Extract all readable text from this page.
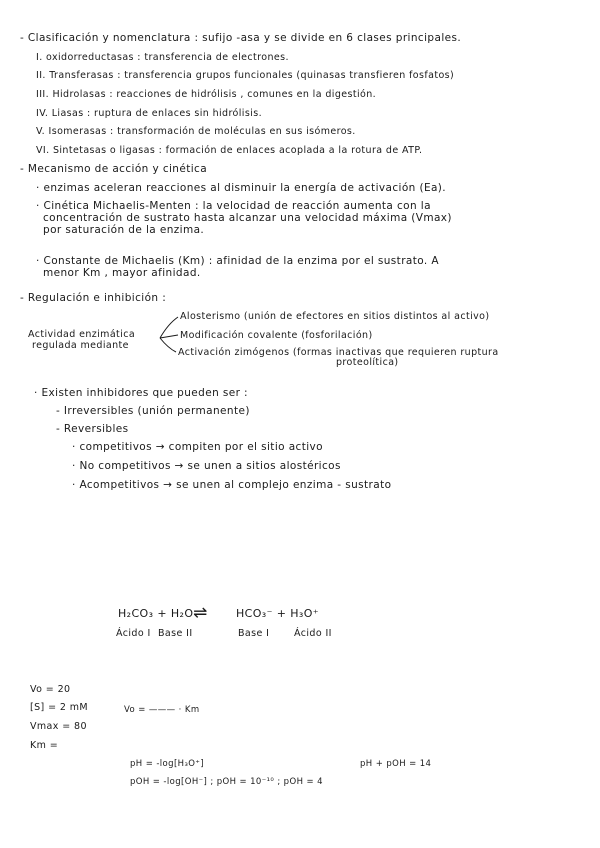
- Clasificación y nomenclatura : sufijo -asa y se divide en 6 clases principales.
I. oxidorreductasas : transferencia de electrones.
II. Transferasas : transferencia grupos funcionales (quinasas transfieren fosfatos)
III. Hidrolasas : reacciones de hidrólisis , comunes en la digestión.
IV. Liasas : ruptura de enlaces sin hidrólisis.
V. Isomerasas : transformación de moléculas en sus isómeros.
VI. Sintetasas o ligasas : formación de enlaces acoplada a la rotura de ATP.
- Mecanismo de acción y cinética
· enzimas aceleran reacciones al disminuir la energía de activación (Ea).
· Cinética Michaelis-Menten : la velocidad de reacción aumenta con la
concentración de sustrato hasta alcanzar una velocidad máxima (Vmax)
por saturación de la enzima.
· Constante de Michaelis (Km) : afinidad de la enzima por el sustrato. A
menor Km , mayor afinidad.
- Regulación e inhibición :
Actividad enzimática
regulada mediante
Alosterismo (unión de efectores en sitios distintos al activo)
Modificación covalente (fosforilación)
Activación zimógenos (formas inactivas que requieren ruptura
proteolítica)
· Existen inhibidores que pueden ser :
- Irreversibles (unión permanente)
- Reversibles
· competitivos → compiten por el sitio activo
· No competitivos → se unen a sitios alostéricos
· Acompetitivos → se unen al complejo enzima - sustrato
H₂CO₃ + H₂O ⇌	HCO₃⁻ + H₃O⁺
Ácido I Base II	Base I	Ácido II
Vo = 20
[S] = 2 mM
Vmax = 80
Km =
Vo = ——— · Km
pH = -log[H₃O⁺]	pH + pOH = 14
pOH = -log[OH⁻] ; pOH = 10⁻¹⁰ ; pOH = 4
